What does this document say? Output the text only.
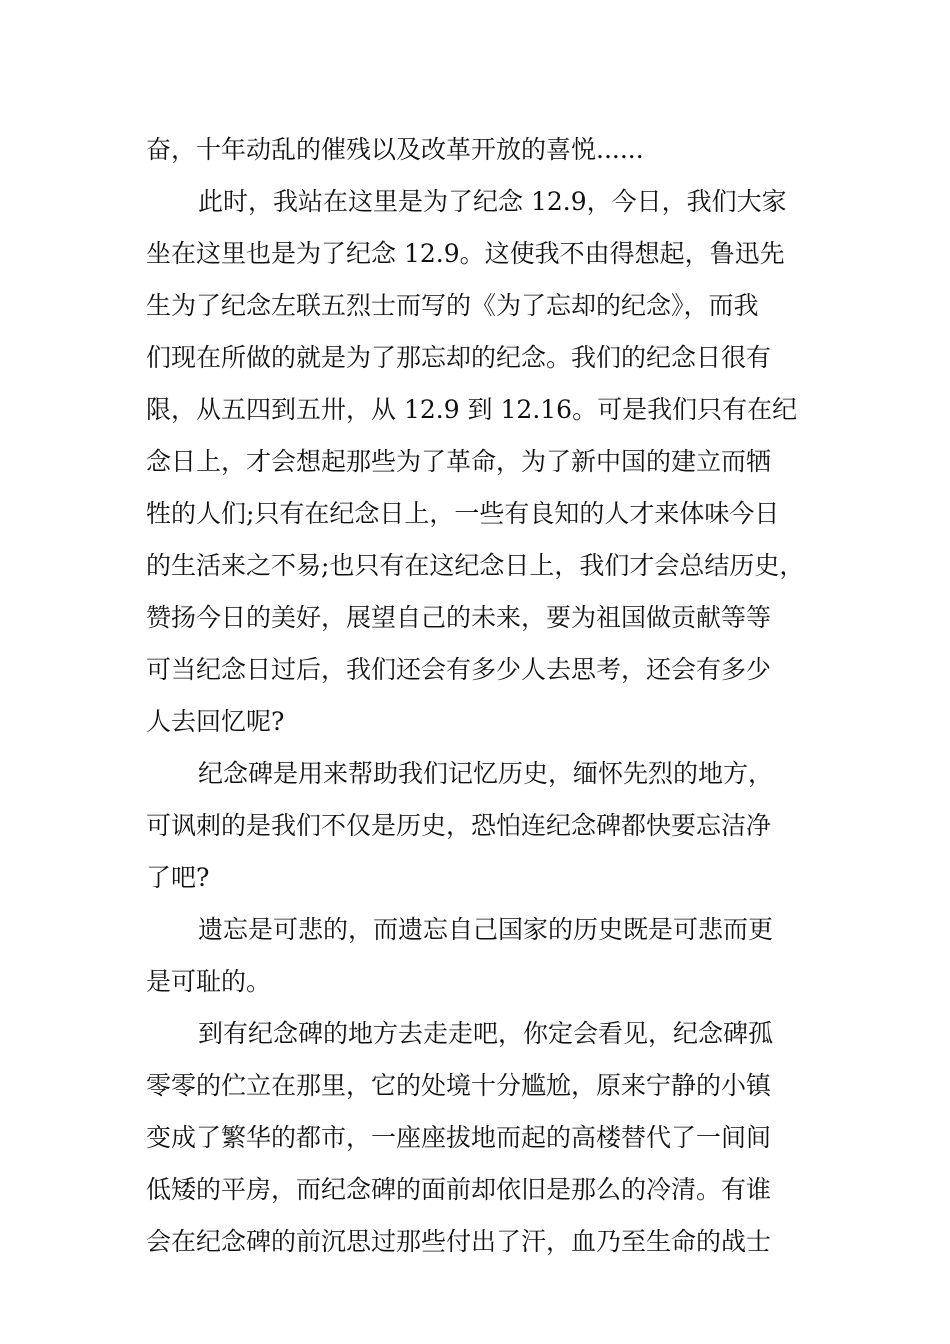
奋，十年动乱的催残以及改革开放的喜悦......
此时，我站在这里是为了纪念 12.9，今日，我们大家
坐在这里也是为了纪念 12.9。这使我不由得想起，鲁迅先
生为了纪念左联五烈士而写的《为了忘却的纪念》，而我
们现在所做的就是为了那忘却的纪念。我们的纪念日很有
限，从五四到五卅，从 12.9 到 12.16。可是我们只有在纪
念日上，才会想起那些为了革命，为了新中国的建立而牺
牲的人们;只有在纪念日上，一些有良知的人才来体味今日
的生活来之不易;也只有在这纪念日上，我们才会总结历史，
赞扬今日的美好，展望自己的未来，要为祖国做贡献等等
可当纪念日过后，我们还会有多少人去思考，还会有多少
人去回忆呢?
纪念碑是用来帮助我们记忆历史，缅怀先烈的地方，
可讽刺的是我们不仅是历史，恐怕连纪念碑都快要忘洁净
了吧?
遗忘是可悲的，而遗忘自己国家的历史既是可悲而更
是可耻的。
到有纪念碑的地方去走走吧，你定会看见，纪念碑孤
零零的伫立在那里，它的处境十分尴尬，原来宁静的小镇
变成了繁华的都市，一座座拔地而起的高楼替代了一间间
低矮的平房，而纪念碑的面前却依旧是那么的冷清。有谁
会在纪念碑的前沉思过那些付出了汗，血乃至生命的战士
